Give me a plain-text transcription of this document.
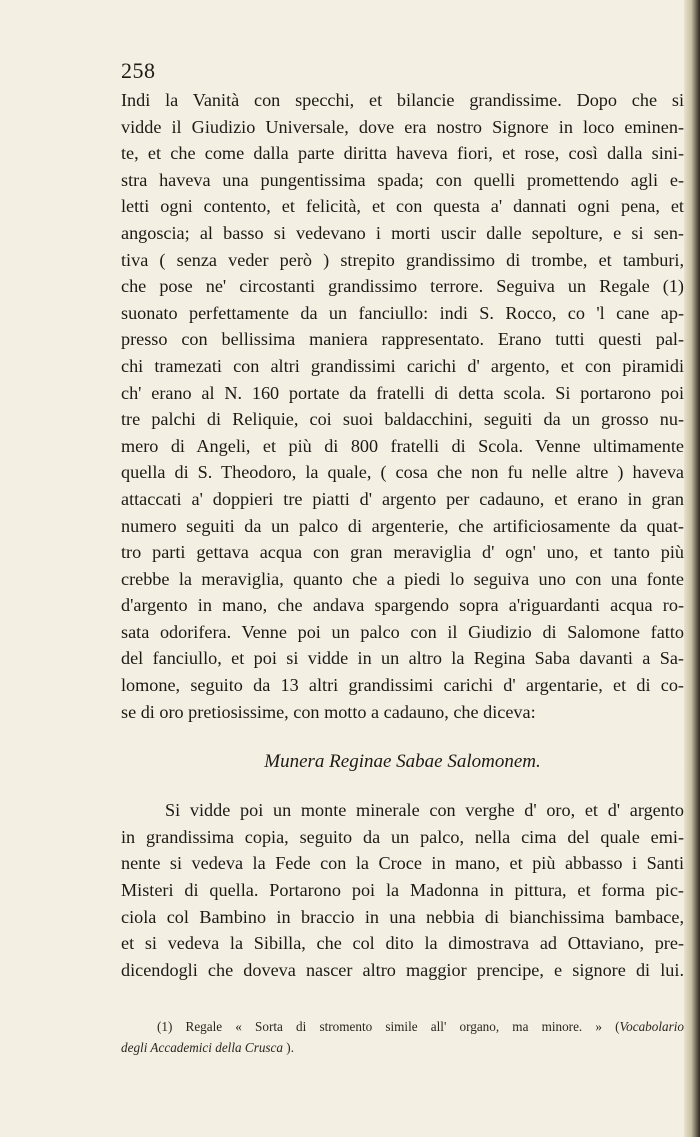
258
Indi la Vanità con specchi, et bilancie grandissime. Dopo che si
vidde il Giudizio Universale, dove era nostro Signore in loco eminen-
te, et che come dalla parte diritta haveva fiori, et rose, così dalla sini-
stra haveva una pungentissima spada; con quelli promettendo agli e-
letti ogni contento, et felicità, et con questa a' dannati ogni pena, et
angoscia; al basso si vedevano i morti uscir dalle sepolture, e si sen-
tiva ( senza veder però ) strepito grandissimo di trombe, et tamburi,
che pose ne' circostanti grandissimo terrore. Seguiva un Regale (1)
suonato perfettamente da un fanciullo: indi S. Rocco, co 'l cane ap-
presso con bellissima maniera rappresentato. Erano tutti questi pal-
chi tramezati con altri grandissimi carichi d' argento, et con piramidi
ch' erano al N. 160 portate da fratelli di detta scola. Si portarono poi
tre palchi di Reliquie, coi suoi baldacchini, seguiti da un grosso nu-
mero di Angeli, et più di 800 fratelli di Scola. Venne ultimamente
quella di S. Theodoro, la quale, ( cosa che non fu nelle altre ) haveva
attaccati a' doppieri tre piatti d' argento per cadauno, et erano in gran
numero seguiti da un palco di argenterie, che artificiosamente da quat-
tro parti gettava acqua con gran meraviglia d' ogn' uno, et tanto più
crebbe la meraviglia, quanto che a piedi lo seguiva uno con una fonte
d'argento in mano, che andava spargendo sopra a'riguardanti acqua ro-
sata odorifera. Venne poi un palco con il Giudizio di Salomone fatto
del fanciullo, et poi si vidde in un altro la Regina Saba davanti a Sa-
lomone, seguito da 13 altri grandissimi carichi d' argentarie, et di co-
se di oro pretiosissime, con motto a cadauno, che diceva:
Munera Reginae Sabae Salomonem.
Si vidde poi un monte minerale con verghe d' oro, et d' argento
in grandissima copia, seguito da un palco, nella cima del quale emi-
nente si vedeva la Fede con la Croce in mano, et più abbasso i Santi
Misteri di quella. Portarono poi la Madonna in pittura, et forma pic-
ciola col Bambino in braccio in una nebbia di bianchissima bambace,
et si vedeva la Sibilla, che col dito la dimostrava ad Ottaviano, pre-
dicendogli che doveva nascer altro maggior prencipe, e signore di lui.
(1) Regale « Sorta di stromento simile all' organo, ma minore. » (Vocabolario
degli Accademici della Crusca ).
